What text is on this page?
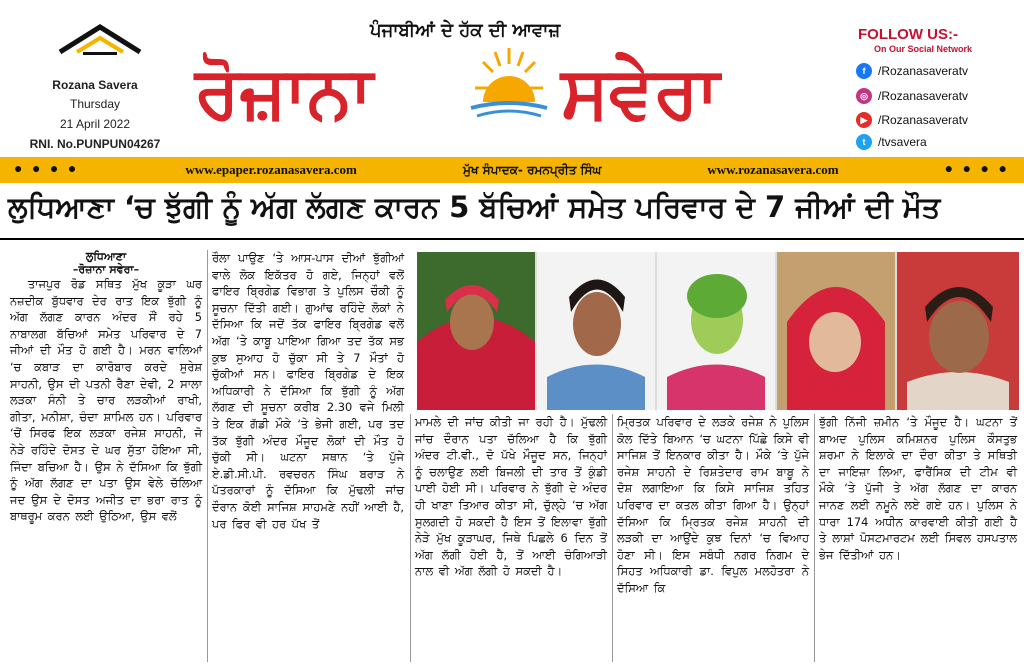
Rozana Savera
Thursday
21 April 2022
RNI. No.PUNPUN04267
ਪੰਜਾਬੀਆਂ ਦੇ ਹੱਕ ਦੀ ਆਵਾਜ਼
ਰੋਜ਼ਾਨਾ	ਸਵੇਰਾ
FOLLOW US:-
On Our Social Network
f	/Rozanasaveratv
◎ /Rozanasaveratv
▶ /Rozanasaveratv
t	/tvsavera
● ● ● ●	www.epaper.rozanasavera.com	ਮੁੱਖ ਸੰਪਾਦਕ- ਰਮਨਪ੍ਰੀਤ ਸਿੰਘ	www.rozanasavera.com	● ● ● ●
ਲੁਧਿਆਣਾ ‘ਚ ਝੁੱਗੀ ਨੂੰ ਅੱਗ ਲੱਗਣ ਕਾਰਨ 5 ਬੱਚਿਆਂ ਸਮੇਤ ਪਰਿਵਾਰ ਦੇ 7 ਜੀਆਂ ਦੀ ਮੌਤ
ਲੁਧਿਆਣਾ
–ਰੋਜ਼ਾਨਾ ਸਵੇਰਾ–
ਤਾਜਪੁਰ ਰੋਡ ਸਥਿਤ ਮੁੱਖ ਕੂੜਾ ਘਰ ਨਜ਼ਦੀਕ ਬੁੱਧਵਾਰ ਦੇਰ ਰਾਤ ਇਕ ਝੁੱਗੀ ਨੂੰ ਅੱਗ ਲੱਗਣ ਕਾਰਨ ਅੰਦਰ ਸੌਂ ਰਹੇ 5 ਨਾਬਾਲਗ ਬੱਚਿਆਂ ਸਮੇਤ ਪਰਿਵਾਰ ਦੇ 7 ਜੀਆਂ ਦੀ ਮੌਤ ਹੋ ਗਈ ਹੈ। ਮਰਨ ਵਾਲਿਆਂ ‘ਚ ਕਬਾੜ ਦਾ ਕਾਰੋਬਾਰ ਕਰਦੇ ਸੁਰੇਸ਼ ਸਾਹਨੀ, ਉਸ ਦੀ ਪਤਨੀ ਰੈਣਾ ਦੇਵੀ, 2 ਸਾਲਾ ਲੜਕਾ ਸੰਨੀ ਤੇ ਚਾਰ ਲੜਕੀਆਂ ਰਾਖੀ, ਗੀਤਾ, ਮਨੀਸ਼ਾ, ਚੰਦਾ ਸ਼ਾਮਿਲ ਹਨ। ਪਰਿਵਾਰ ‘ਚੋਂ ਸਿਰਫ ਇਕ ਲੜਕਾ ਰਜੇਸ਼ ਸਾਹਨੀ, ਜੋ ਨੇੜੇ ਰਹਿੰਦੇ ਦੋਸਤ ਦੇ ਘਰ ਸੁੱਤਾ ਹੋਇਆ ਸੀ, ਜਿੰਦਾ ਬਚਿਆ ਹੈ। ਉਸ ਨੇ ਦੱਸਿਆ ਕਿ ਝੁੱਗੀ ਨੂੰ ਅੱਗ ਲੱਗਣ ਦਾ ਪਤਾ ਉਸ ਵੇਲੇ ਚੱਲਿਆ ਜਦ ਉਸ ਦੇ ਦੋਸਤ ਅਜੀਤ ਦਾ ਭਰਾ ਰਾਤ ਨੂੰ ਬਾਥਰੂਮ ਕਰਨ ਲਈ ਉਠਿਆ, ਉਸ ਵਲੋਂ
ਰੌਲਾ ਪਾਉਣ ‘ਤੇ ਆਸ-ਪਾਸ ਦੀਆਂ ਝੁੱਗੀਆਂ ਵਾਲੇ ਲੋਕ ਇਕੱਤਰ ਹੋ ਗਏ, ਜਿਨ੍ਹਾਂ ਵਲੋਂ ਫਾਇਰ ਬ੍ਰਿਗੇਡ ਵਿਭਾਗ ਤੇ ਪੁਲਿਸ ਚੌਕੀ ਨੂੰ ਸੂਚਨਾ ਦਿੱਤੀ ਗਈ। ਗੁਆਂਢ ਰਹਿੰਦੇ ਲੋਕਾਂ ਨੇ ਦੱਸਿਆ ਕਿ ਜਦੋਂ ਤੱਕ ਫਾਇਰ ਬ੍ਰਿਗੇਡ ਵਲੋਂ ਅੱਗ ‘ਤੇ ਕਾਬੂ ਪਾਇਆ ਗਿਆ ਤਦ ਤੱਕ ਸਭ ਕੁਝ ਸੁਆਹ ਹੋ ਚੁੱਕਾ ਸੀ ਤੇ 7 ਮੌਤਾਂ ਹੋ ਚੁੱਕੀਆਂ ਸਨ। ਫਾਇਰ ਬ੍ਰਿਗੇਡ ਦੇ ਇਕ ਅਧਿਕਾਰੀ ਨੇ ਦੱਸਿਆ ਕਿ ਝੁੱਗੀ ਨੂੰ ਅੱਗ ਲੱਗਣ ਦੀ ਸੂਚਨਾ ਕਰੀਬ 2.30 ਵਜੇ ਮਿਲੀ ਤੇ ਇਕ ਗੱਡੀ ਮੌਕੇ ‘ਤੇ ਭੇਜੀ ਗਈ, ਪਰ ਤਦ ਤੱਕ ਝੁੱਗੀ ਅੰਦਰ ਮੌਜੂਦ ਲੋਕਾਂ ਦੀ ਮੌਤ ਹੋ ਚੁੱਕੀ ਸੀ। ਘਟਨਾ ਸਥਾਨ ‘ਤੇ ਪੁੱਜੇ ਏ.ਡੀ.ਸੀ.ਪੀ. ਰਵਚਰਨ ਸਿੰਘ ਬਰਾੜ ਨੇ ਪੱਤਰਕਾਰਾਂ ਨੂੰ ਦੱਸਿਆ ਕਿ ਮੁੱਢਲੀ ਜਾਂਚ ਦੌਰਾਨ ਕੋਈ ਸਾਜਿਸ਼ ਸਾਹਮਣੇ ਨਹੀਂ ਆਈ ਹੈ, ਪਰ ਫਿਰ ਵੀ ਹਰ ਪੱਖ ਤੋਂ
ਮਾਮਲੇ ਦੀ ਜਾਂਚ ਕੀਤੀ ਜਾ ਰਹੀ ਹੈ। ਮੁੱਢਲੀ ਜਾਂਚ ਦੌਰਾਨ ਪਤਾ ਚੱਲਿਆ ਹੈ ਕਿ ਝੁੱਗੀ ਅੰਦਰ ਟੀ.ਵੀ., ਦੋ ਪੱਖੇ ਮੌਜੂਦ ਸਨ, ਜਿਨ੍ਹਾਂ ਨੂੰ ਚਲਾਉਣ ਲਈ ਬਿਜਲੀ ਦੀ ਤਾਰ ਤੋਂ ਕੁੰਡੀ ਪਾਈ ਹੋਈ ਸੀ। ਪਰਿਵਾਰ ਨੇ ਝੁੱਗੀ ਦੇ ਅੰਦਰ ਹੀ ਖਾਣਾ ਤਿਆਰ ਕੀਤਾ ਸੀ, ਚੁੱਲ੍ਹੇ ‘ਚ ਅੱਗ ਸੁਲਗਦੀ ਹੋ ਸਕਦੀ ਹੈ ਇਸ ਤੋਂ ਇਲਾਵਾ ਝੁੱਗੀ ਨੇੜੇ ਮੁੱਖ ਕੂੜਾਘਰ, ਜਿਥੇ ਪਿਛਲੇ 6 ਦਿਨ ਤੋਂ ਅੱਗ ਲੱਗੀ ਹੋਈ ਹੈ, ਤੋਂ ਆਈ ਚੰਗਿਆੜੀ ਨਾਲ ਵੀ ਅੱਗ ਲੱਗੀ ਹੋ ਸਕਦੀ ਹੈ।
ਮ੍ਰਿਤਕ ਪਰਿਵਾਰ ਦੇ ਲੜਕੇ ਰਜੇਸ਼ ਨੇ ਪੁਲਿਸ ਕੋਲ ਦਿੱਤੇ ਬਿਆਨ ‘ਚ ਘਟਨਾ ਪਿੱਛੇ ਕਿਸੇ ਵੀ ਸਾਜਿਸ਼ ਤੋਂ ਇਨਕਾਰ ਕੀਤਾ ਹੈ। ਮੌਕੇ ‘ਤੇ ਪੁੱਜੇ ਰਜੇਸ਼ ਸਾਹਨੀ ਦੇ ਰਿਸ਼ਤੇਦਾਰ ਰਾਮ ਬਾਬੂ ਨੇ ਦੋਸ਼ ਲਗਾਇਆ ਕਿ ਕਿਸੇ ਸਾਜਿਸ਼ ਤਹਿਤ ਪਰਿਵਾਰ ਦਾ ਕਤਲ ਕੀਤਾ ਗਿਆ ਹੈ। ਉਨ੍ਹਾਂ ਦੱਸਿਆ ਕਿ ਮ੍ਰਿਤਕ ਰਜੇਸ਼ ਸਾਹਨੀ ਦੀ ਲੜਕੀ ਦਾ ਆਉਂਦੇ ਕੁਝ ਦਿਨਾਂ ‘ਚ ਵਿਆਹ ਹੋਣਾ ਸੀ। ਇਸ ਸਬੰਧੀ ਨਗਰ ਨਿਗਮ ਦੇ ਸਿਹਤ ਅਧਿਕਾਰੀ ਡਾ. ਵਿਪੁਲ ਮਲਹੋਤਰਾ ਨੇ ਦੱਸਿਆ ਕਿ
ਝੁੱਗੀ ਨਿੱਜੀ ਜ਼ਮੀਨ ‘ਤੇ ਮੌਜੂਦ ਹੈ। ਘਟਨਾ ਤੋਂ ਬਾਅਦ ਪੁਲਿਸ ਕਮਿਸ਼ਨਰ ਪੁਲਿਸ ਕੌਸਤੁਭ ਸ਼ਰਮਾ ਨੇ ਇਲਾਕੇ ਦਾ ਦੌਰਾ ਕੀਤਾ ਤੇ ਸਥਿਤੀ ਦਾ ਜਾਇਜ਼ਾ ਲਿਆ, ਫਾਰੈਂਸਿਕ ਦੀ ਟੀਮ ਵੀ ਮੌਕੇ ‘ਤੇ ਪੁੱਜੀ ਤੇ ਅੱਗ ਲੱਗਣ ਦਾ ਕਾਰਨ ਜਾਨਣ ਲਈ ਨਮੂਨੇ ਲਏ ਗਏ ਹਨ। ਪੁਲਿਸ ਨੇ ਧਾਰਾ 174 ਅਧੀਨ ਕਾਰਵਾਈ ਕੀਤੀ ਗਈ ਹੈ ਤੇ ਲਾਸ਼ਾਂ ਪੋਸਟਮਾਰਟਮ ਲਈ ਸਿਵਲ ਹਸਪਤਾਲ ਭੇਜ ਦਿੱਤੀਆਂ ਹਨ।
